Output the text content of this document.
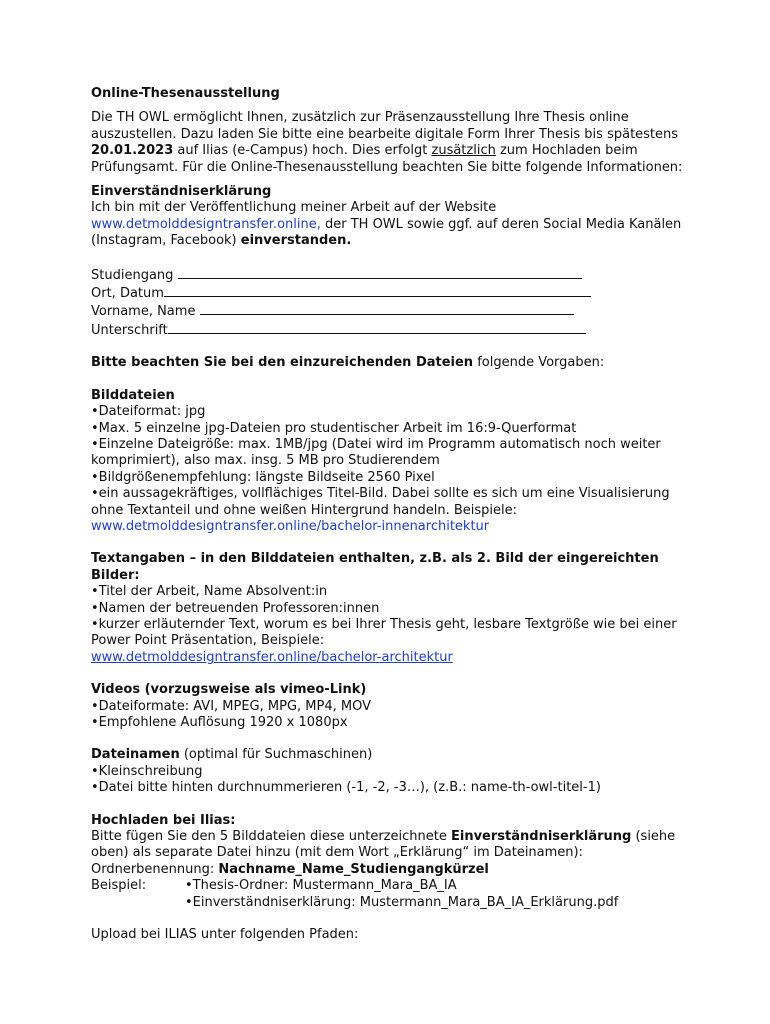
Online-Thesenausstellung

Die TH OWL ermöglicht Ihnen, zusätzlich zur Präsenzausstellung Ihre Thesis online auszustellen. Dazu laden Sie bitte eine bearbeite digitale Form Ihrer Thesis bis spätestens 20.01.2023 auf Ilias (e-Campus) hoch. Dies erfolgt zusätzlich zum Hochladen beim Prüfungsamt. Für die Online-Thesenausstellung beachten Sie bitte folgende Informationen:

Einverständniserklärung

Ich bin mit der Veröffentlichung meiner Arbeit auf der Website www.detmolddesigntransfer.online, der TH OWL sowie ggf. auf deren Social Media Kanälen (Instagram, Facebook) einverstanden.

Studiengang
Ort, Datum
Vorname, Name
Unterschrift

Bitte beachten Sie bei den einzureichenden Dateien folgende Vorgaben:

Bilddateien

• Dateiformat: jpg
• Max. 5 einzelne jpg-Dateien pro studentischer Arbeit im 16:9-Querformat
• Einzelne Dateigröße: max. 1MB/jpg (Datei wird im Programm automatisch noch weiter komprimiert), also max. insg. 5 MB pro Studierendem
• Bildgrößenempfehlung: längste Bildseite 2560 Pixel
• ein aussagekräftiges, vollflächiges Titel-Bild. Dabei sollte es sich um eine Visualisierung ohne Textanteil und ohne weißen Hintergrund handeln. Beispiele:
www.detmolddesigntransfer.online/bachelor-innenarchitektur

Textangaben – in den Bilddateien enthalten, z.B. als 2. Bild der eingereichten Bilder:

• Titel der Arbeit, Name Absolvent:in
• Namen der betreuenden Professoren:innen
• kurzer erläuternder Text, worum es bei Ihrer Thesis geht, lesbare Textgröße wie bei einer Power Point Präsentation, Beispiele:
www.detmolddesigntransfer.online/bachelor-architektur

Videos (vorzugsweise als vimeo-Link)

• Dateiformate: AVI, MPEG, MPG, MP4, MOV
• Empfohlene Auflösung 1920 x 1080px

Dateinamen (optimal für Suchmaschinen)

• Kleinschreibung
• Datei bitte hinten durchnummerieren (-1, -2, -3…), (z.B.: name-th-owl-titel-1)

Hochladen bei Ilias:

Bitte fügen Sie den 5 Bilddateien diese unterzeichnete Einverständniserklärung (siehe oben) als separate Datei hinzu (mit dem Wort „Erklärung“ im Dateinamen):

Ordnerbenennung: Nachname_Name_Studiengangkürzel

Beispiel:
•	Thesis-Ordner: Mustermann_Mara_BA_IA
• Einverständniserklärung: Mustermann_Mara_BA_IA_Erklärung.pdf

Upload bei ILIAS unter folgenden Pfaden:
